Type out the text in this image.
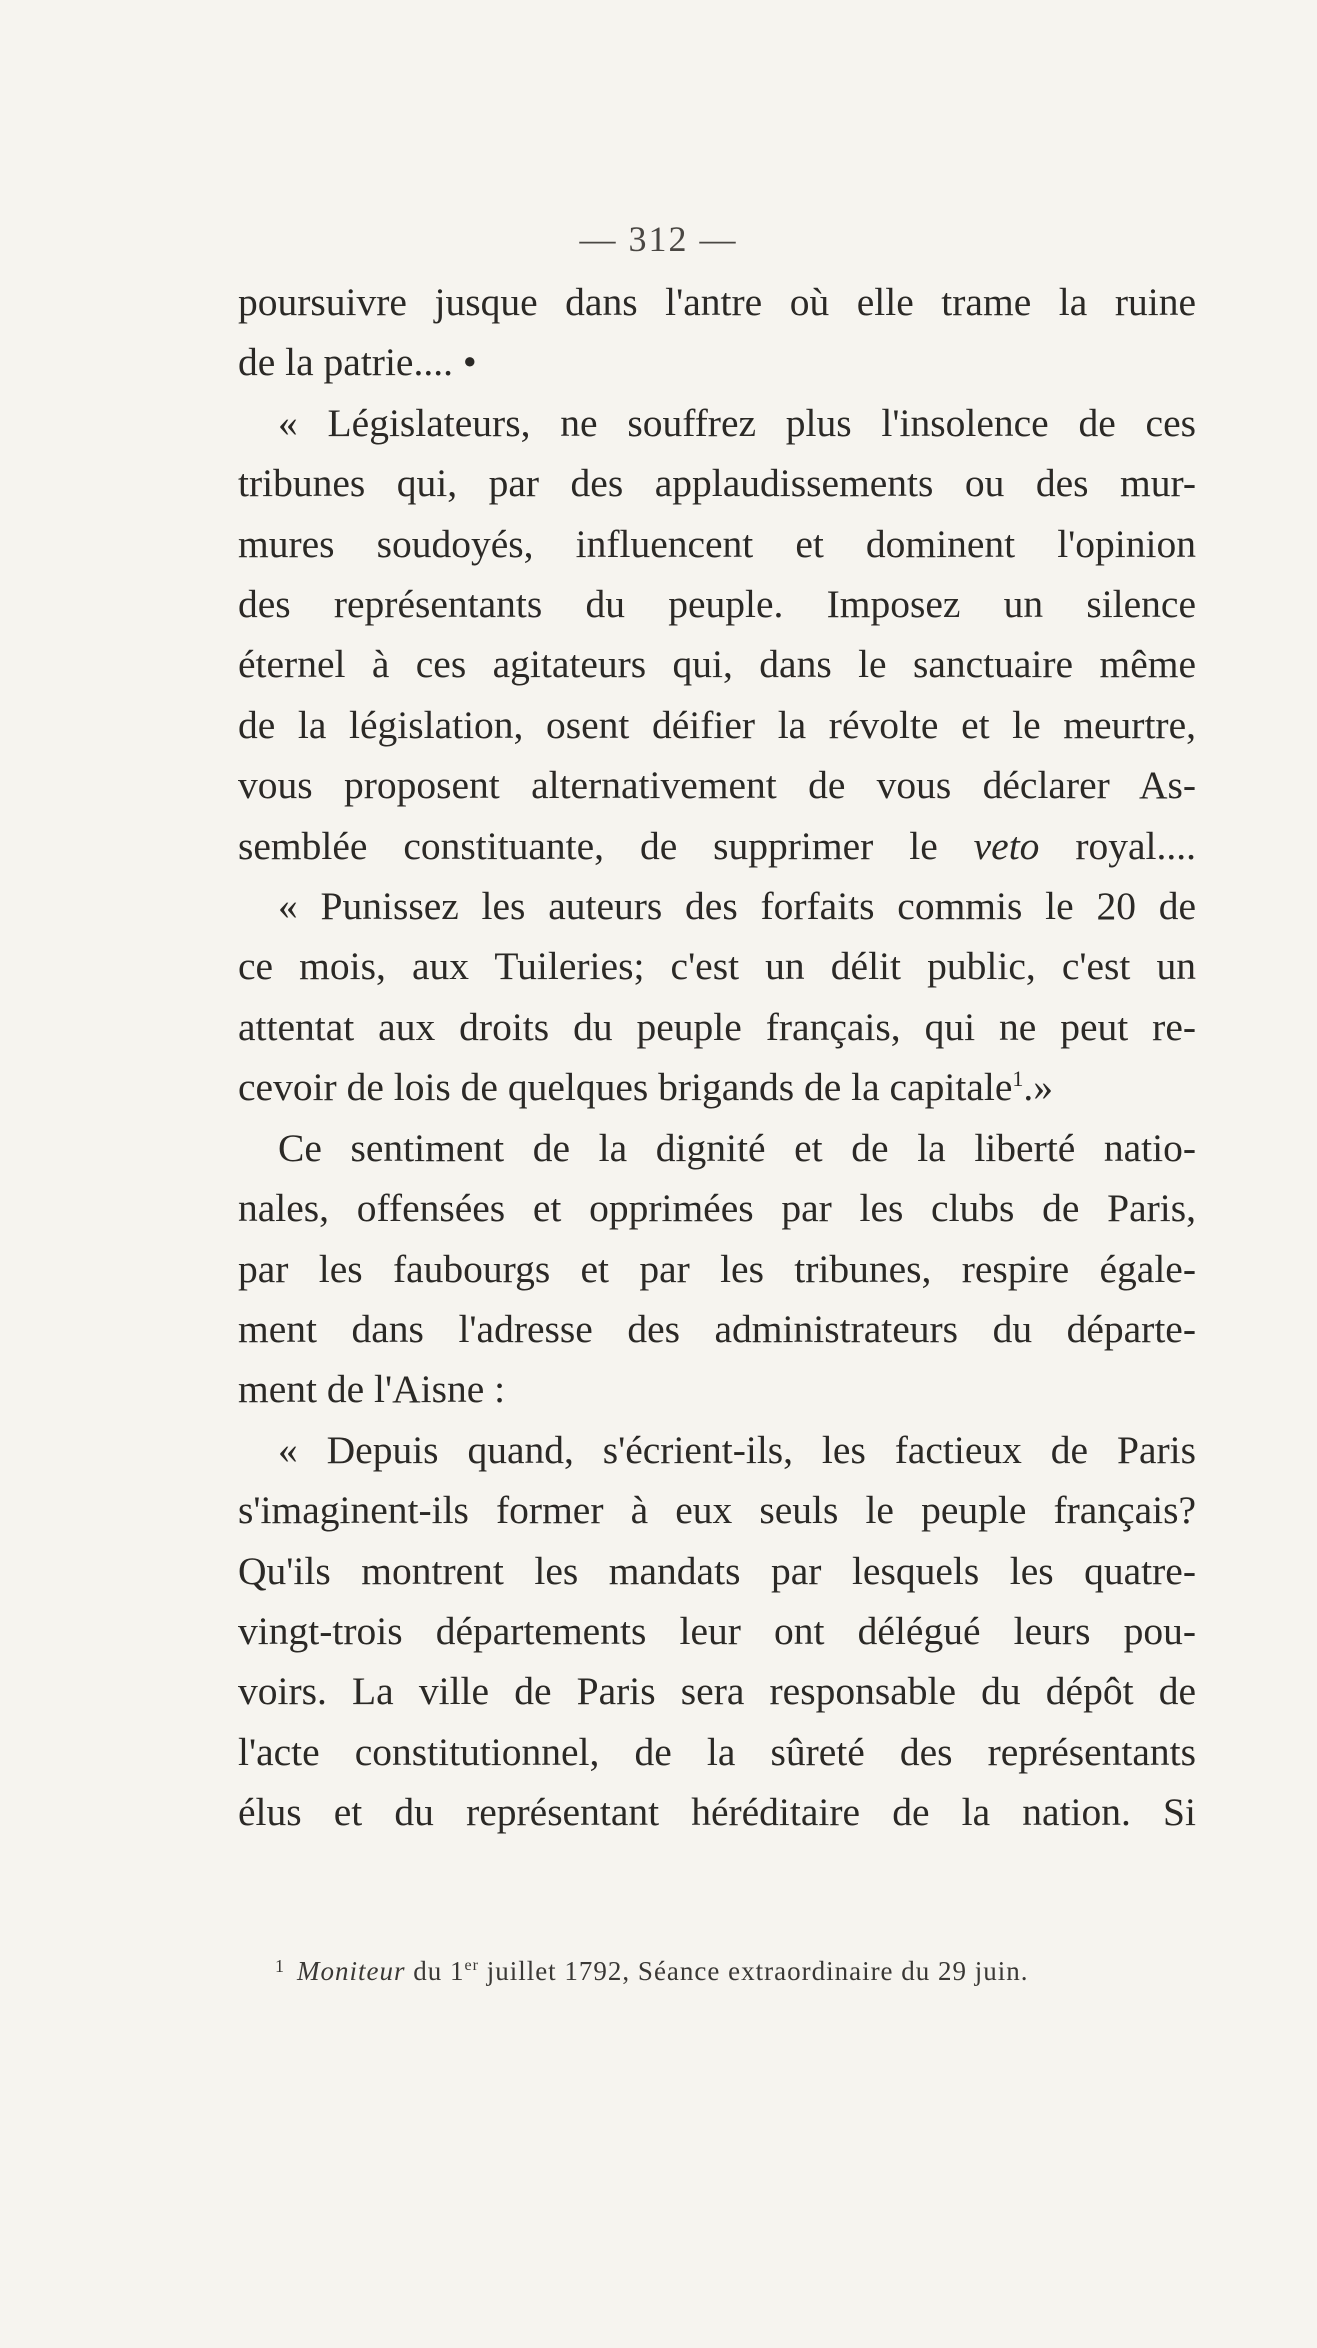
— 312 —

poursuivre jusque dans l'antre où elle trame la ruine
de la patrie.... •

« Législateurs, ne souffrez plus l'insolence de ces
tribunes qui, par des applaudissements ou des mur-
mures soudoyés, influencent et dominent l'opinion
des représentants du peuple. Imposez un silence
éternel à ces agitateurs qui, dans le sanctuaire même
de la législation, osent déifier la révolte et le meurtre,
vous proposent alternativement de vous déclarer As-
semblée constituante, de supprimer le veto royal....

« Punissez les auteurs des forfaits commis le 20 de
ce mois, aux Tuileries; c'est un délit public, c'est un
attentat aux droits du peuple français, qui ne peut re-
cevoir de lois de quelques brigands de la capitale$^1$.»

Ce sentiment de la dignité et de la liberté natio-
nales, offensées et opprimées par les clubs de Paris,
par les faubourgs et par les tribunes, respire égale-
ment dans l'adresse des administrateurs du départe-
ment de l'Aisne :

« Depuis quand, s'écrient-ils, les factieux de Paris
s'imaginent-ils former à eux seuls le peuple français?
Qu'ils montrent les mandats par lesquels les quatre-
vingt-trois départements leur ont délégué leurs pou-
voirs. La ville de Paris sera responsable du dépôt de
l'acte constitutionnel, de la sûreté des représentants
élus et du représentant héréditaire de la nation. Si

$^1$ Moniteur du 1er juillet 1792, Séance extraordinaire du 29 juin.
